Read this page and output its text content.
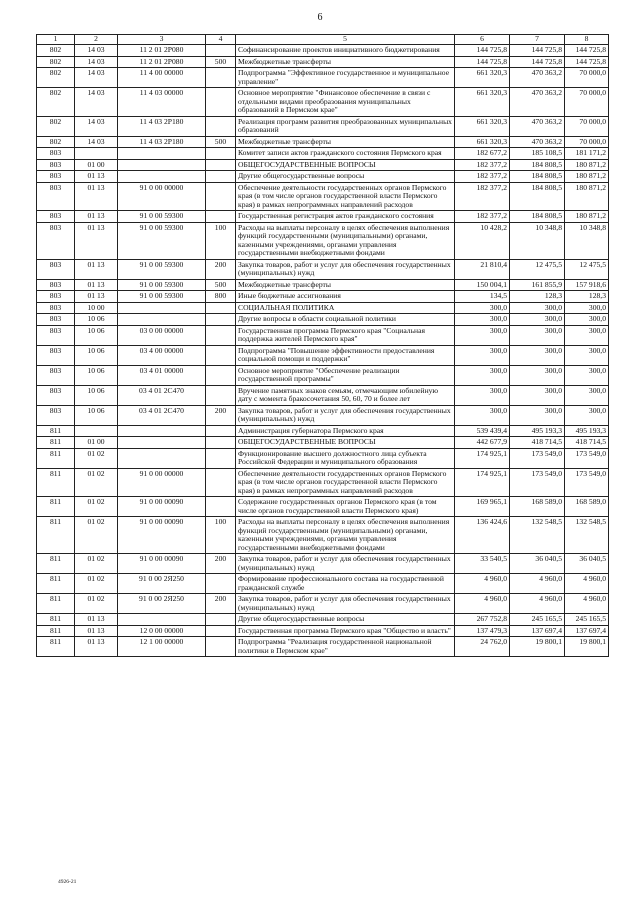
6
1	2	3	4	5	6	7	8
802	14 03	11 2 01 2P080		Софинансирование проектов инициативного бюджетирования	144 725,8	144 725,8	144 725,8
802	14 03	11 2 01 2P080	500	Межбюджетные трансферты	144 725,8	144 725,8	144 725,8
802	14 03	11 4 00 00000		Подпрограмма "Эффективное государственное и муниципальное управление"	661 320,3	470 363,2	70 000,0
802	14 03	11 4 03 00000		Основное мероприятие "Финансовое обеспечение в связи с отдельными видами преобразования муниципальных образований в Пермском крае"	661 320,3	470 363,2	70 000,0
802	14 03	11 4 03 2P180		Реализация программ развития преобразованных муниципальных образований	661 320,3	470 363,2	70 000,0
802	14 03	11 4 03 2P180	500	Межбюджетные трансферты	661 320,3	470 363,2	70 000,0
803				Комитет записи актов гражданского состояния Пермского края	182 677,2	185 108,5	181 171,2
803	01 00			ОБЩЕГОСУДАРСТВЕННЫЕ ВОПРОСЫ	182 377,2	184 808,5	180 871,2
803	01 13			Другие общегосударственные вопросы	182 377,2	184 808,5	180 871,2
803	01 13	91 0 00 00000		Обеспечение деятельности государственных органов Пермского края (в том числе органов государственной власти Пермского края) в рамках непрограммных направлений расходов	182 377,2	184 808,5	180 871,2
803	01 13	91 0 00 59300		Государственная регистрация актов гражданского состояния	182 377,2	184 808,5	180 871,2
803	01 13	91 0 00 59300	100	Расходы на выплаты персоналу в целях обеспечения выполнения функций государственными (муниципальными) органами, казенными учреждениями, органами управления государственными внебюджетными фондами	10 428,2	10 348,8	10 348,8
803	01 13	91 0 00 59300	200	Закупка товаров, работ и услуг для обеспечения государственных (муниципальных) нужд	21 810,4	12 475,5	12 475,5
803	01 13	91 0 00 59300	500	Межбюджетные трансферты	150 004,1	161 855,9	157 918,6
803	01 13	91 0 00 59300	800	Иные бюджетные ассигнования	134,5	128,3	128,3
803	10 00			СОЦИАЛЬНАЯ ПОЛИТИКА	300,0	300,0	300,0
803	10 06			Другие вопросы в области социальной политики	300,0	300,0	300,0
803	10 06	03 0 00 00000		Государственная программа Пермского края "Социальная поддержка жителей Пермского края"	300,0	300,0	300,0
803	10 06	03 4 00 00000		Подпрограмма "Повышение эффективности предоставления социальной помощи и поддержки"	300,0	300,0	300,0
803	10 06	03 4 01 00000		Основное мероприятие "Обеспечение реализации государственной программы"	300,0	300,0	300,0
803	10 06	03 4 01 2C470		Вручение памятных знаков семьям, отмечающим юбилейную дату с момента бракосочетания 50, 60, 70 и более лет	300,0	300,0	300,0
803	10 06	03 4 01 2C470	200	Закупка товаров, работ и услуг для обеспечения государственных (муниципальных) нужд	300,0	300,0	300,0
811				Администрация губернатора Пермского края	539 439,4	495 193,3	495 193,3
811	01 00			ОБЩЕГОСУДАРСТВЕННЫЕ ВОПРОСЫ	442 677,9	418 714,5	418 714,5
811	01 02			Функционирование высшего должностного лица субъекта Российской Федерации и муниципального образования	174 925,1	173 549,0	173 549,0
811	01 02	91 0 00 00000		Обеспечение деятельности государственных органов Пермского края (в том числе органов государственной власти Пермского края) в рамках непрограммных направлений расходов	174 925,1	173 549,0	173 549,0
811	01 02	91 0 00 00090		Содержание государственных органов Пермского края (в том числе органов государственной власти Пермского края)	169 965,1	168 589,0	168 589,0
811	01 02	91 0 00 00090	100	Расходы на выплаты персоналу в целях обеспечения выполнения функций государственными (муниципальными) органами, казенными учреждениями, органами управления государственными внебюджетными фондами	136 424,6	132 548,5	132 548,5
811	01 02	91 0 00 00090	200	Закупка товаров, работ и услуг для обеспечения государственных (муниципальных) нужд	33 540,5	36 040,5	36 040,5
811	01 02	91 0 00 2Я250		Формирование профессионального состава на государственной гражданской службе	4 960,0	4 960,0	4 960,0
811	01 02	91 0 00 2Я250	200	Закупка товаров, работ и услуг для обеспечения государственных (муниципальных) нужд	4 960,0	4 960,0	4 960,0
811	01 13			Другие общегосударственные вопросы	267 752,8	245 165,5	245 165,5
811	01 13	12 0 00 00000		Государственная программа Пермского края "Общество и власть"	137 479,3	137 697,4	137 697,4
811	01 13	12 1 00 00000		Подпрограмма "Реализация государственной национальной политики в Пермском крае"	24 762,0	19 800,1	19 800,1
4926-21
